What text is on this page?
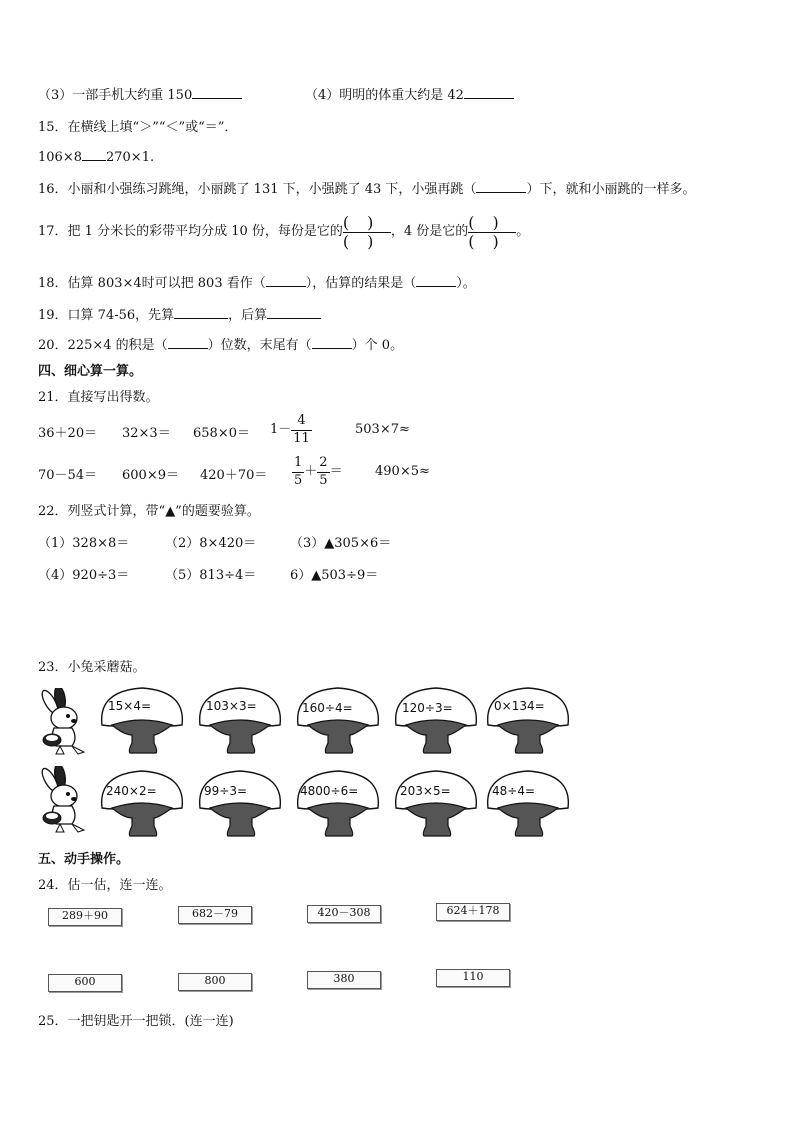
（3）一部手机大约重 150	（4）明明的体重大约是 42
15．在横线上填“＞”“＜”或“＝”．
106×8 270×1.
16．小丽和小强练习跳绳，小丽跳了 131 下，小强跳了 43 下，小强再跳（	）下，就和小丽跳的一样多。
17．把 1 分米长的彩带平均分成 10 份，每份是它的 $\frac{()}{()}$ ，4 份是它的 $\frac{()}{()}$ 。
18．估算 803×4时可以把 803 看作（	），估算的结果是（	）。
19．口算 74-56，先算	，后算
20．225×4 的积是（	）位数，末尾有（	）个 0。
四、细心算一算。
21．直接写出得数。
$36+20= 32\times 3= 658\times 0= 1- \frac{4}{11}$	503×7≈
$70-54= 600\times 9= 420+70= \frac{1}{5} + \frac{2}{5} = 490\times 5\approx$
22．列竖式计算，带“▲”的题要验算。
（1）328×8＝	（2）8×420＝	（3）▲305×6＝
（4）920÷3＝	（5）813÷4＝	6）▲503÷9＝
23．小兔采蘑菇。
15×4=	103×3=	160÷4=	120÷3=	0×134=
240×2=	99÷3=	4800÷6=	203×5=	48÷4=
五、动手操作。
24．估一估，连一连。
289＋90	682－79	420－308	624＋178
600	800	380	110
25．一把钥匙开一把锁．(连一连)
